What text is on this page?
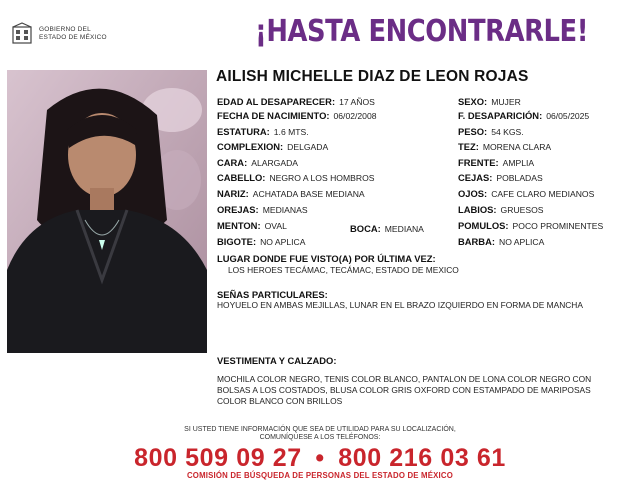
GOBIERNO DEL
ESTADO DE MÉXICO	¡HASTA ENCONTRARLE!
AILISH MICHELLE DIAZ DE LEON ROJAS
EDAD AL DESAPARECER: 17 AÑOS
FECHA DE NACIMIENTO: 06/02/2008
ESTATURA: 1.6 MTS.
COMPLEXION: DELGADA
CARA: ALARGADA
CABELLO: NEGRO A LOS HOMBROS
NARIZ: ACHATADA BASE MEDIANA
OREJAS: MEDIANAS
MENTON: OVAL	BOCA: MEDIANA
BIGOTE: NO APLICA
SEXO: MUJER
F. DESAPARICIÓN: 06/05/2025
PESO: 54 KGS.
TEZ: MORENA CLARA
FRENTE: AMPLIA
CEJAS: POBLADAS
OJOS: CAFE CLARO MEDIANOS
LABIOS: GRUESOS
POMULOS: POCO PROMINENTES
BARBA: NO APLICA
LUGAR DONDE FUE VISTO(A) POR ÚLTIMA VEZ:
LOS HEROES TECÁMAC, TECÁMAC, ESTADO DE MEXICO
SEÑAS PARTICULARES:
HOYUELO EN AMBAS MEJILLAS, LUNAR EN EL BRAZO IZQUIERDO EN FORMA DE MANCHA
VESTIMENTA Y CALZADO:
MOCHILA COLOR NEGRO, TENIS COLOR BLANCO, PANTALON DE LONA COLOR NEGRO CON BOLSAS A LOS COSTADOS, BLUSA COLOR GRIS OXFORD CON ESTAMPADO DE MARIPOSAS COLOR BLANCO CON BRILLOS
SI USTED TIENE INFORMACIÓN QUE SEA DE UTILIDAD PARA SU LOCALIZACIÓN,
COMUNÍQUESE A LOS TELÉFONOS:
800 509 09 27 • 800 216 03 61
COMISIÓN DE BÚSQUEDA DE PERSONAS DEL ESTADO DE MÉXICO
